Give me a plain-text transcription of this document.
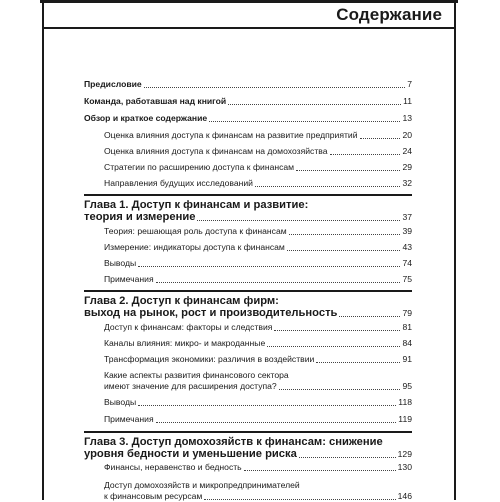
Содержание
Предисловие	7
Команда, работавшая над книгой	11
Обзор и краткое содержание	13
Оценка влияния доступа к финансам на развитие предприятий	20
Оценка влияния доступа к финансам на домохозяйства	24
Стратегии по расширению доступа к финансам	29
Направления будущих исследований	32
Глава 1. Доступ к финансам и развитие:
теория и измерение	37
Теория: решающая роль доступа к финансам	39
Измерение: индикаторы доступа к финансам	43
Выводы	74
Примечания	75
Глава 2. Доступ к финансам фирм:
выход на рынок, рост и производительность	79
Доступ к финансам: факторы и следствия	81
Каналы влияния: микро- и макроданные	84
Трансформация экономики: различия в воздействии	91
Какие аспекты развития финансового сектора
имеют значение для расширения доступа?	95
Выводы	118
Примечания	119
Глава 3. Доступ домохозяйств к финансам: снижение
уровня бедности и уменьшение риска	129
Финансы, неравенство и бедность	130
Доступ домохозяйств и микропредпринимателей
к финансовым ресурсам	146
